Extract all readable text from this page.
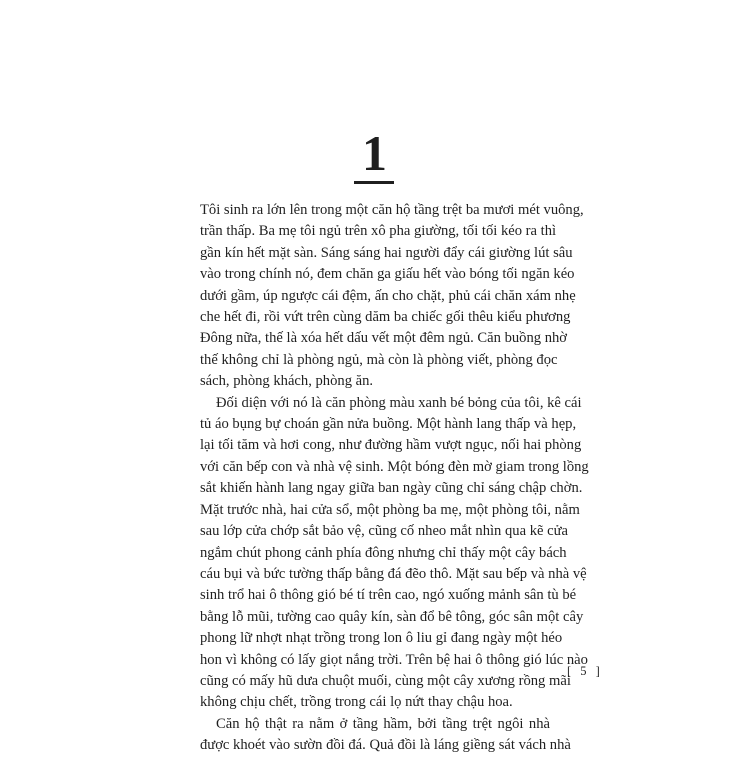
1
Tôi sinh ra lớn lên trong một căn hộ tầng trệt ba mươi mét vuông,
trần thấp. Ba mẹ tôi ngủ trên xô pha giường, tối tối kéo ra thì
gần kín hết mặt sàn. Sáng sáng hai người đẩy cái giường lút sâu
vào trong chính nó, đem chăn ga giấu hết vào bóng tối ngăn kéo
dưới gầm, úp ngược cái đệm, ấn cho chặt, phủ cái chăn xám nhẹ
che hết đi, rồi vứt trên cùng dăm ba chiếc gối thêu kiểu phương
Đông nữa, thế là xóa hết dấu vết một đêm ngủ. Căn buồng nhờ
thế không chỉ là phòng ngủ, mà còn là phòng viết, phòng đọc
sách, phòng khách, phòng ăn.
Đối diện với nó là căn phòng màu xanh bé bỏng của tôi, kê cái
tủ áo bụng bự choán gần nửa buồng. Một hành lang thấp và hẹp,
lại tối tăm và hơi cong, như đường hầm vượt ngục, nối hai phòng
với căn bếp con và nhà vệ sinh. Một bóng đèn mờ giam trong lồng
sắt khiến hành lang ngay giữa ban ngày cũng chỉ sáng chập chờn.
Mặt trước nhà, hai cửa sổ, một phòng ba mẹ, một phòng tôi, nằm
sau lớp cửa chớp sắt bảo vệ, cũng cố nheo mắt nhìn qua kẽ cửa
ngắm chút phong cảnh phía đông nhưng chỉ thấy một cây bách
cáu bụi và bức tường thấp bằng đá đẽo thô. Mặt sau bếp và nhà vệ
sinh trổ hai ô thông gió bé tí trên cao, ngó xuống mảnh sân tù bé
bằng lỗ mũi, tường cao quây kín, sàn đổ bê tông, góc sân một cây
phong lữ nhợt nhạt trồng trong lon ô liu gỉ đang ngày một héo
hon vì không có lấy giọt nắng trời. Trên bệ hai ô thông gió lúc nào
cũng có mấy hũ dưa chuột muối, cùng một cây xương rồng mãi
không chịu chết, trồng trong cái lọ nứt thay chậu hoa.
Căn hộ thật ra nằm ở tầng hầm, bởi tầng trệt ngôi nhà
được khoét vào sườn đồi đá. Quả đồi là láng giềng sát vách nhà
[ 5 ]
